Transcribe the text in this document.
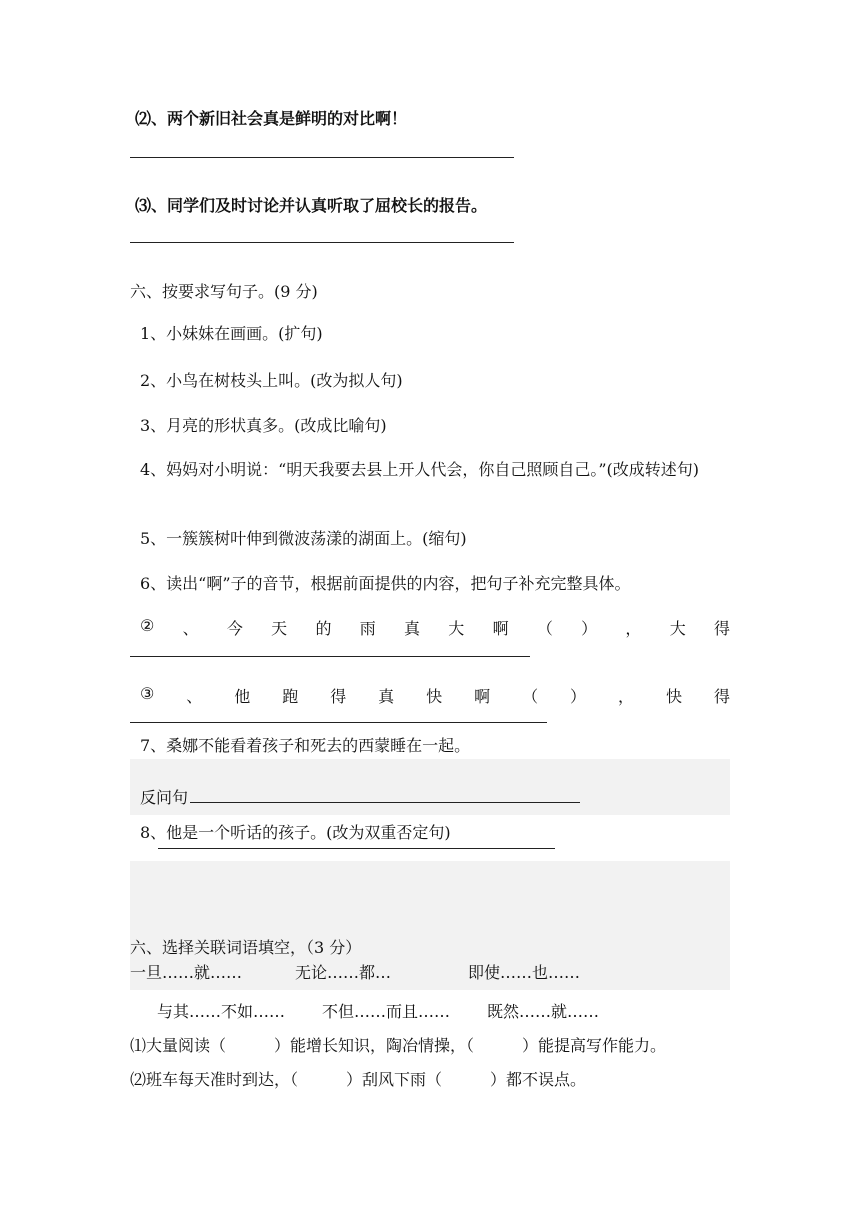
⑵、两个新旧社会真是鲜明的对比啊！
⑶、同学们及时讨论并认真听取了屈校长的报告。
六、按要求写句子。(9 分)
1、小妹妹在画画。(扩句)
2、小鸟在树枝头上叫。(改为拟人句)
3、月亮的形状真多。(改成比喻句)
4、妈妈对小明说：“明天我要去县上开人代会，你自己照顾自己。”(改成转述句)
5、一簇簇树叶伸到微波荡漾的湖面上。(缩句)
6、读出“啊”子的音节，根据前面提供的内容，把句子补充完整具体。
② 、 今 天 的 雨 真 大 啊 （ ） ， 大 得
③ 、 他 跑 得 真 快 啊 （ ） ， 快 得
7、桑娜不能看着孩子和死去的西蒙睡在一起。
反问句
8、他是一个听话的孩子。(改为双重否定句)
六、选择关联词语填空，（3 分）
一旦……就……	无论……都…	即使……也……
与其……不如…… 不但……而且…… 既然……就……
⑴大量阅读（　　　）能增长知识，陶冶情操，（　　　）能提高写作能力。
⑵班车每天准时到达，（　　　）刮风下雨（　　　）都不误点。
